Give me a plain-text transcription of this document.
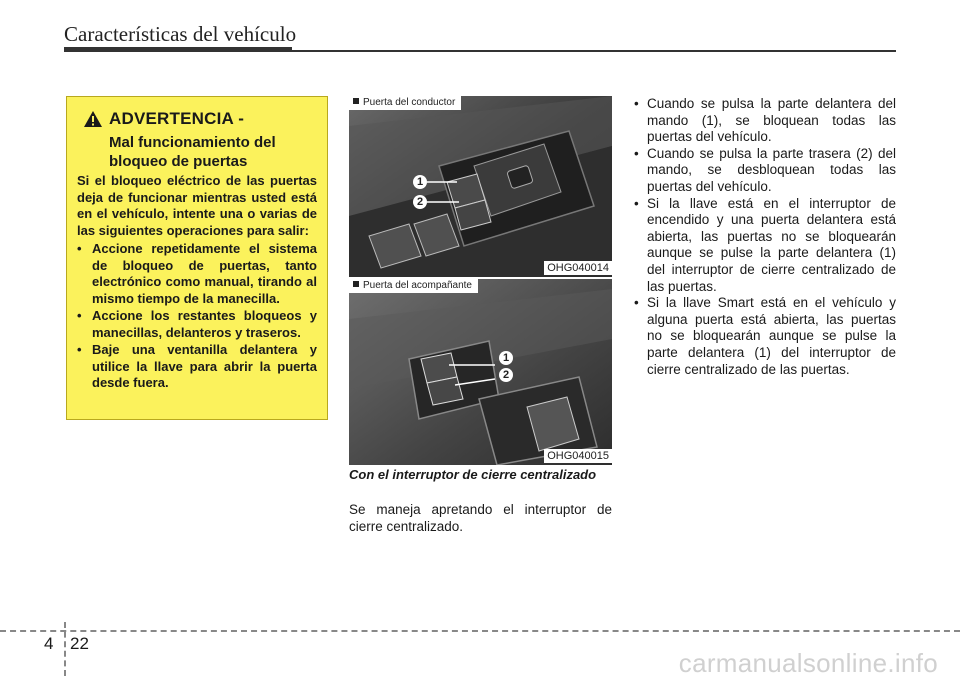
Características del vehículo
ADVERTENCIA -
Mal funcionamiento del bloqueo de puertas

Si el bloqueo eléctrico de las puertas deja de funcionar mientras usted está en el vehículo, intente una o varias de las siguientes operaciones para salir:

• Accione repetidamente el sistema de bloqueo de puertas, tanto electrónico como manual, tirando al mismo tiempo de la manecilla.
• Accione los restantes bloqueos y manecillas, delanteros y traseros.
• Baje una ventanilla delantera y utilice la llave para abrir la puerta desde fuera.
Puerta del conductor
1
2
OHG040014
Puerta del acompañante
1
2
OHG040015
Con el interruptor de cierre centralizado

Se maneja apretando el interruptor de cierre centralizado.

• Cuando se pulsa la parte delantera del mando (1), se bloquean todas las puertas del vehículo.
• Cuando se pulsa la parte trasera (2) del mando, se desbloquean todas las puertas del vehículo.
• Si la llave está en el interruptor de encendido y una puerta delantera está abierta, las puertas no se bloquearán aunque se pulse la parte delantera (1) del interruptor de cierre centralizado de las puertas.
• Si la llave Smart está en el vehículo y alguna puerta está abierta, las puertas no se bloquearán aunque se pulse la parte delantera (1) del interruptor de cierre centralizado de las puertas.
4 22
carmanualsonline.info
